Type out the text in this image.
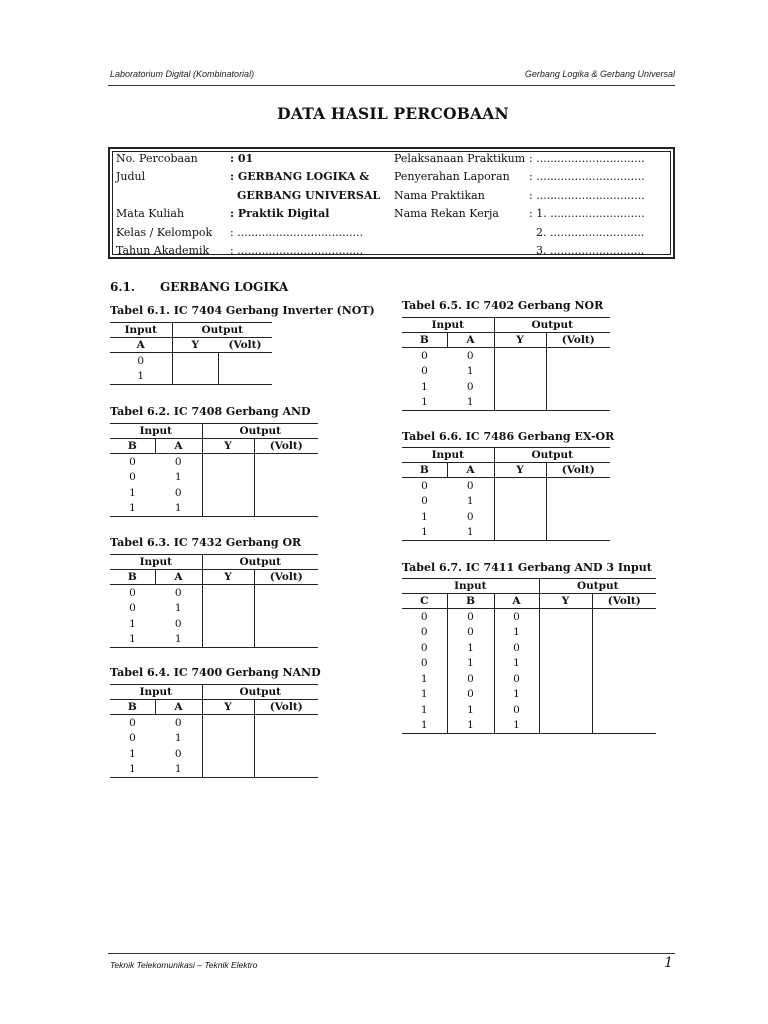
Laboratorium Digital (Kombinatorial)	Gerbang Logika & Gerbang Universal
DATA HASIL PERCOBAAN
No. Percobaan	: 01
Judul	: GERBANG LOGIKA &
GERBANG UNIVERSAL
Mata Kuliah	: Praktik Digital
Kelas / Kelompok : ....................................
Tahun Akademik : ....................................
Pelaksanaan Praktikum : ...............................
Penyerahan Laporan : ...............................
Nama Praktikan	: ...............................
Nama Rekan Kerja	: 1. ...........................
2. ...........................
3. ...........................
6.1. GERBANG LOGIKA
Tabel 6.1. IC 7404 Gerbang Inverter (NOT)
Tabel 6.2. IC 7408 Gerbang AND
Tabel 6.3. IC 7432 Gerbang OR
Tabel 6.4. IC 7400 Gerbang NAND
Tabel 6.5. IC 7402 Gerbang NOR
Tabel 6.6. IC 7486 Gerbang EX-OR
Tabel 6.7. IC 7411 Gerbang AND 3 Input
Input	Output	
A	Y	(Volt)
0		
1		
Input		Output	
B	A	Y	(Volt)
0	0		
0	1		
1	0		
1	1		
Input		Output	
B	A	Y	(Volt)
0	0		
0	1		
1	0		
1	1		
Input		Output	
B	A	Y	(Volt)
0	0		
0	1		
1	0		
1	1		
Input		Output	
B	A	Y	(Volt)
0	0		
0	1		
1	0		
1	1		
Input		Output	
B	A	Y	(Volt)
0	0		
0	1		
1	0		
1	1		
Input			Output	
C	B	A	Y	(Volt)
0	0	0		
0	0	1		
0	1	0		
0	1	1		
1	0	0		
1	0	1		
1	1	0		
1	1	1		
Teknik Telekomunikasi – Teknik Elektro	1
